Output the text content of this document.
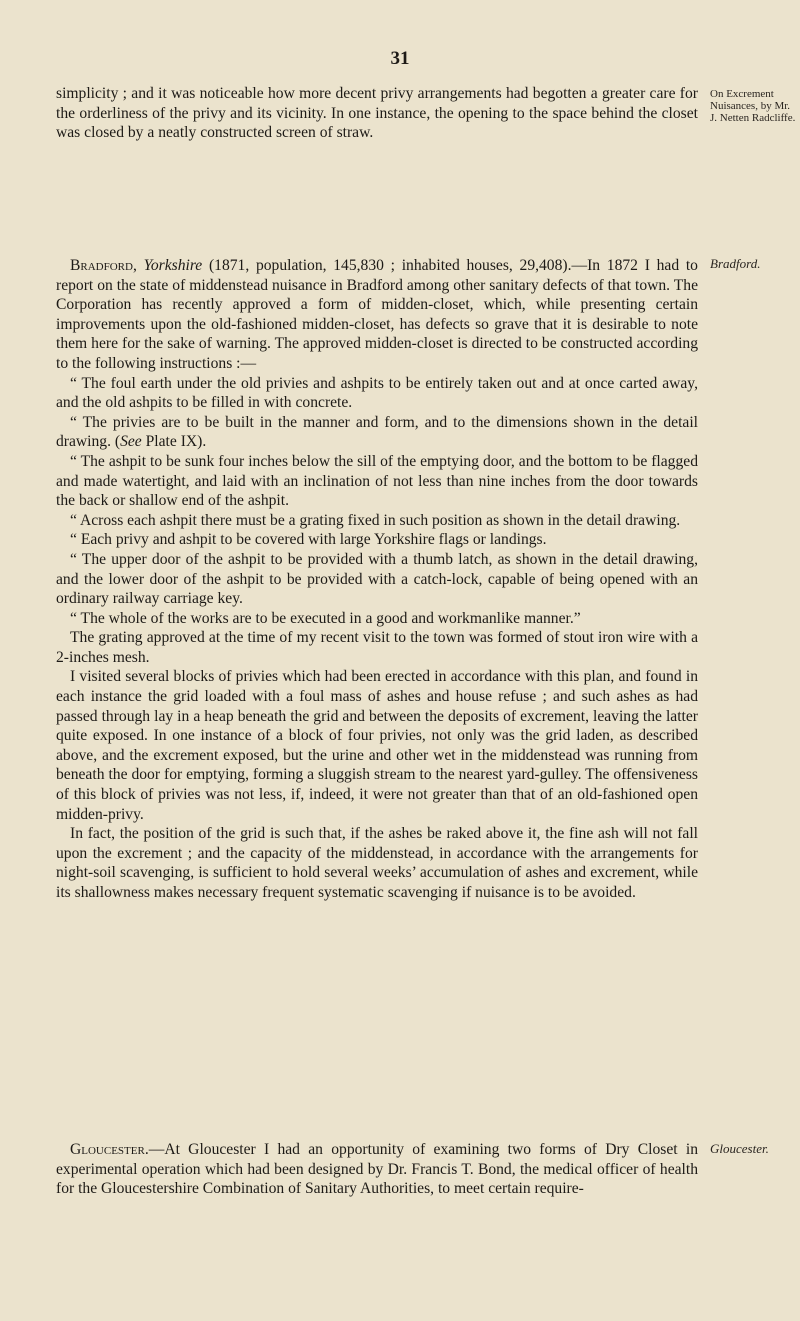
31
On Excrement Nuisances, by Mr. J. Netten Radcliffe.
Bradford.
Gloucester.

simplicity ; and it was noticeable how more decent privy arrangements had begotten a greater care for the orderliness of the privy and its vicinity. In one instance, the opening to the space behind the closet was closed by a neatly constructed screen of straw.

Bradford, Yorkshire (1871, population, 145,830 ; inhabited houses, 29,408).—In 1872 I had to report on the state of middenstead nuisance in Bradford among other sanitary defects of that town. The Corporation has recently approved a form of midden-closet, which, while presenting certain improvements upon the old-fashioned midden-closet, has defects so grave that it is desirable to note them here for the sake of warning. The approved midden-closet is directed to be constructed according to the following instructions :—

“ The foul earth under the old privies and ashpits to be entirely taken out and at once carted away, and the old ashpits to be filled in with concrete.

“ The privies are to be built in the manner and form, and to the dimensions shown in the detail drawing. (See Plate IX).

“ The ashpit to be sunk four inches below the sill of the emptying door, and the bottom to be flagged and made watertight, and laid with an inclination of not less than nine inches from the door towards the back or shallow end of the ashpit.

“ Across each ashpit there must be a grating fixed in such position as shown in the detail drawing.

“ Each privy and ashpit to be covered with large Yorkshire flags or landings.

“ The upper door of the ashpit to be provided with a thumb latch, as shown in the detail drawing, and the lower door of the ashpit to be provided with a catch-lock, capable of being opened with an ordinary railway carriage key.

“ The whole of the works are to be executed in a good and workmanlike manner.”

The grating approved at the time of my recent visit to the town was formed of stout iron wire with a 2-inches mesh.

I visited several blocks of privies which had been erected in accordance with this plan, and found in each instance the grid loaded with a foul mass of ashes and house refuse ; and such ashes as had passed through lay in a heap beneath the grid and between the deposits of excrement, leaving the latter quite exposed. In one instance of a block of four privies, not only was the grid laden, as described above, and the excrement exposed, but the urine and other wet in the middenstead was running from beneath the door for emptying, forming a sluggish stream to the nearest yard-gulley. The offensiveness of this block of privies was not less, if, indeed, it were not greater than that of an old-fashioned open midden-privy.

In fact, the position of the grid is such that, if the ashes be raked above it, the fine ash will not fall upon the excrement ; and the capacity of the middenstead, in accordance with the arrangements for night-soil scavenging, is sufficient to hold several weeks’ accumulation of ashes and excrement, while its shallowness makes necessary frequent systematic scavenging if nuisance is to be avoided.

Gloucester.—At Gloucester I had an opportunity of examining two forms of Dry Closet in experimental operation which had been designed by Dr. Francis T. Bond, the medical officer of health for the Gloucestershire Combination of Sanitary Authorities, to meet certain require-
